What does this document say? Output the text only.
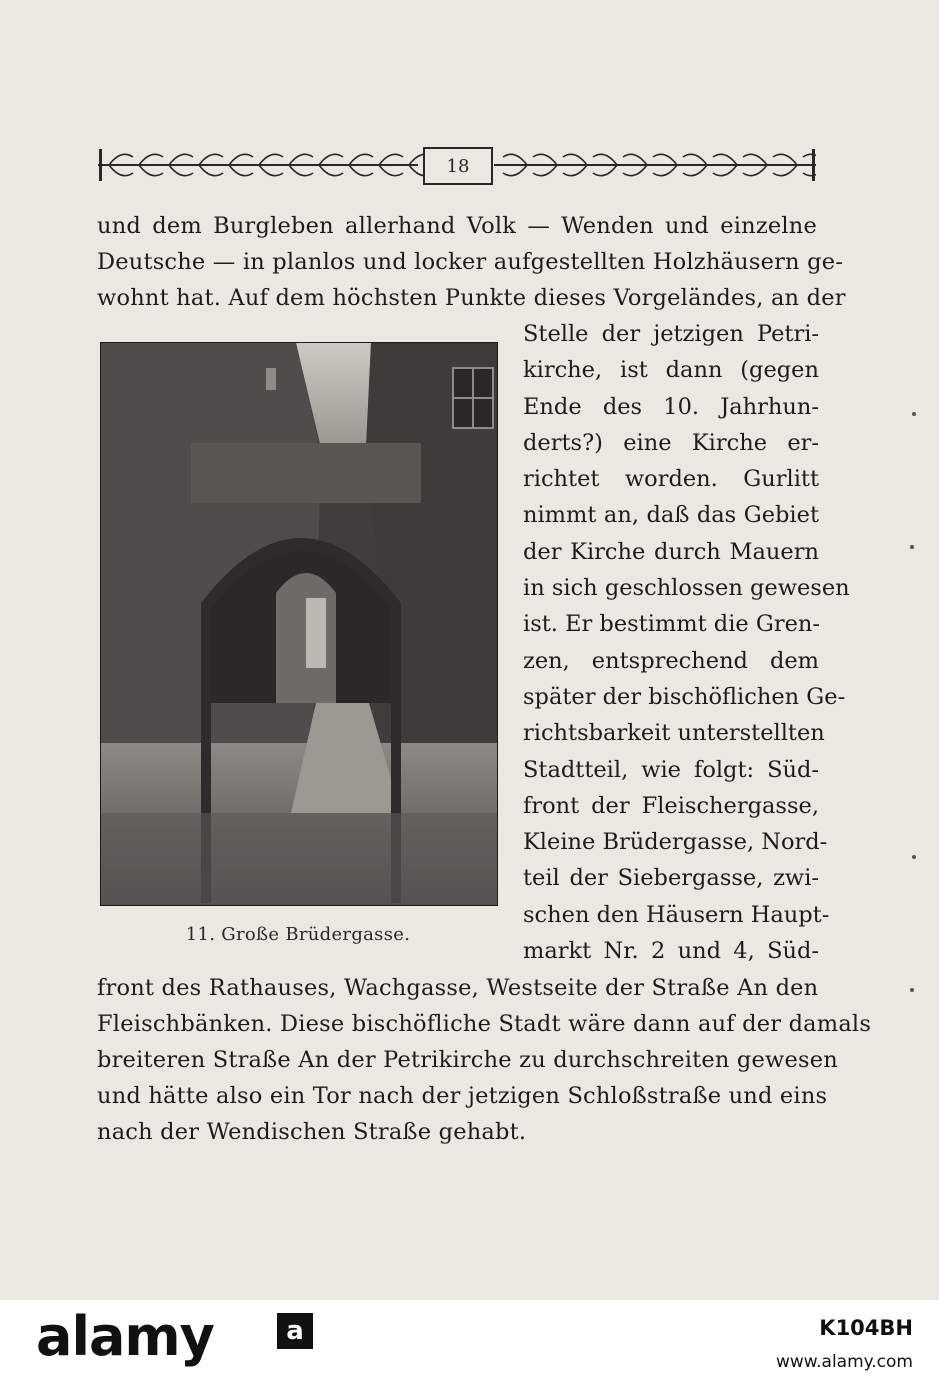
18
und dem Burgleben allerhand Volk — Wenden und einzelne
Deutsche — in planlos und locker aufgestellten Holzhäusern ge-
wohnt hat. Auf dem höchsten Punkte dieses Vorgeländes, an der
11. Große Brüdergasse.
Stelle der jetzigen Petri-
kirche, ist dann (gegen
Ende des 10. Jahrhun-
derts?) eine Kirche er-
richtet worden. Gurlitt
nimmt an, daß das Gebiet
der Kirche durch Mauern
in sich geschlossen gewesen
ist. Er bestimmt die Gren-
zen, entsprechend dem
später der bischöflichen Ge-
richtsbarkeit unterstellten
Stadtteil, wie folgt: Süd-
front der Fleischergasse,
Kleine Brüdergasse, Nord-
teil der Siebergasse, zwi-
schen den Häusern Haupt-
markt Nr. 2 und 4, Süd-
front des Rathauses, Wachgasse, Westseite der Straße An den
Fleischbänken. Diese bischöfliche Stadt wäre dann auf der damals
breiteren Straße An der Petrikirche zu durchschreiten gewesen
und hätte also ein Tor nach der jetzigen Schloßstraße und eins
nach der Wendischen Straße gehabt.
alamy	a	K104BH
www.alamy.com
